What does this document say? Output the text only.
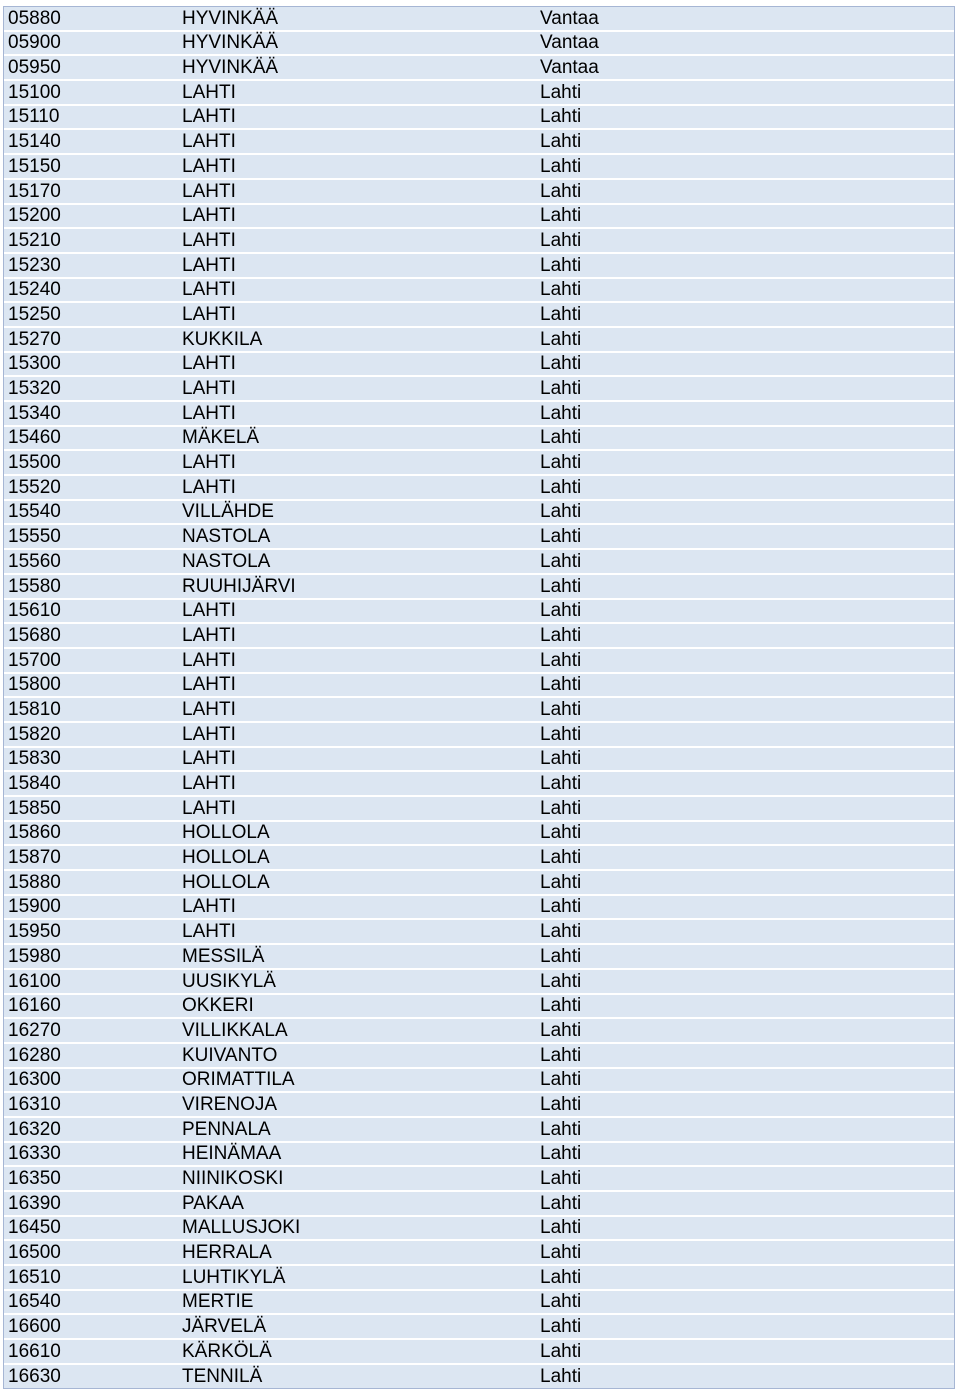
05880	HYVINKÄÄ	Vantaa
05900	HYVINKÄÄ	Vantaa
05950	HYVINKÄÄ	Vantaa
15100	LAHTI	Lahti
15110	LAHTI	Lahti
15140	LAHTI	Lahti
15150	LAHTI	Lahti
15170	LAHTI	Lahti
15200	LAHTI	Lahti
15210	LAHTI	Lahti
15230	LAHTI	Lahti
15240	LAHTI	Lahti
15250	LAHTI	Lahti
15270	KUKKILA	Lahti
15300	LAHTI	Lahti
15320	LAHTI	Lahti
15340	LAHTI	Lahti
15460	MÄKELÄ	Lahti
15500	LAHTI	Lahti
15520	LAHTI	Lahti
15540	VILLÄHDE	Lahti
15550	NASTOLA	Lahti
15560	NASTOLA	Lahti
15580	RUUHIJÄRVI	Lahti
15610	LAHTI	Lahti
15680	LAHTI	Lahti
15700	LAHTI	Lahti
15800	LAHTI	Lahti
15810	LAHTI	Lahti
15820	LAHTI	Lahti
15830	LAHTI	Lahti
15840	LAHTI	Lahti
15850	LAHTI	Lahti
15860	HOLLOLA	Lahti
15870	HOLLOLA	Lahti
15880	HOLLOLA	Lahti
15900	LAHTI	Lahti
15950	LAHTI	Lahti
15980	MESSILÄ	Lahti
16100	UUSIKYLÄ	Lahti
16160	OKKERI	Lahti
16270	VILLIKKALA	Lahti
16280	KUIVANTO	Lahti
16300	ORIMATTILA	Lahti
16310	VIRENOJA	Lahti
16320	PENNALA	Lahti
16330	HEINÄMAA	Lahti
16350	NIINIKOSKI	Lahti
16390	PAKAA	Lahti
16450	MALLUSJOKI	Lahti
16500	HERRALA	Lahti
16510	LUHTIKYLÄ	Lahti
16540	MERTIE	Lahti
16600	JÄRVELÄ	Lahti
16610	KÄRKÖLÄ	Lahti
16630	TENNILÄ	Lahti
